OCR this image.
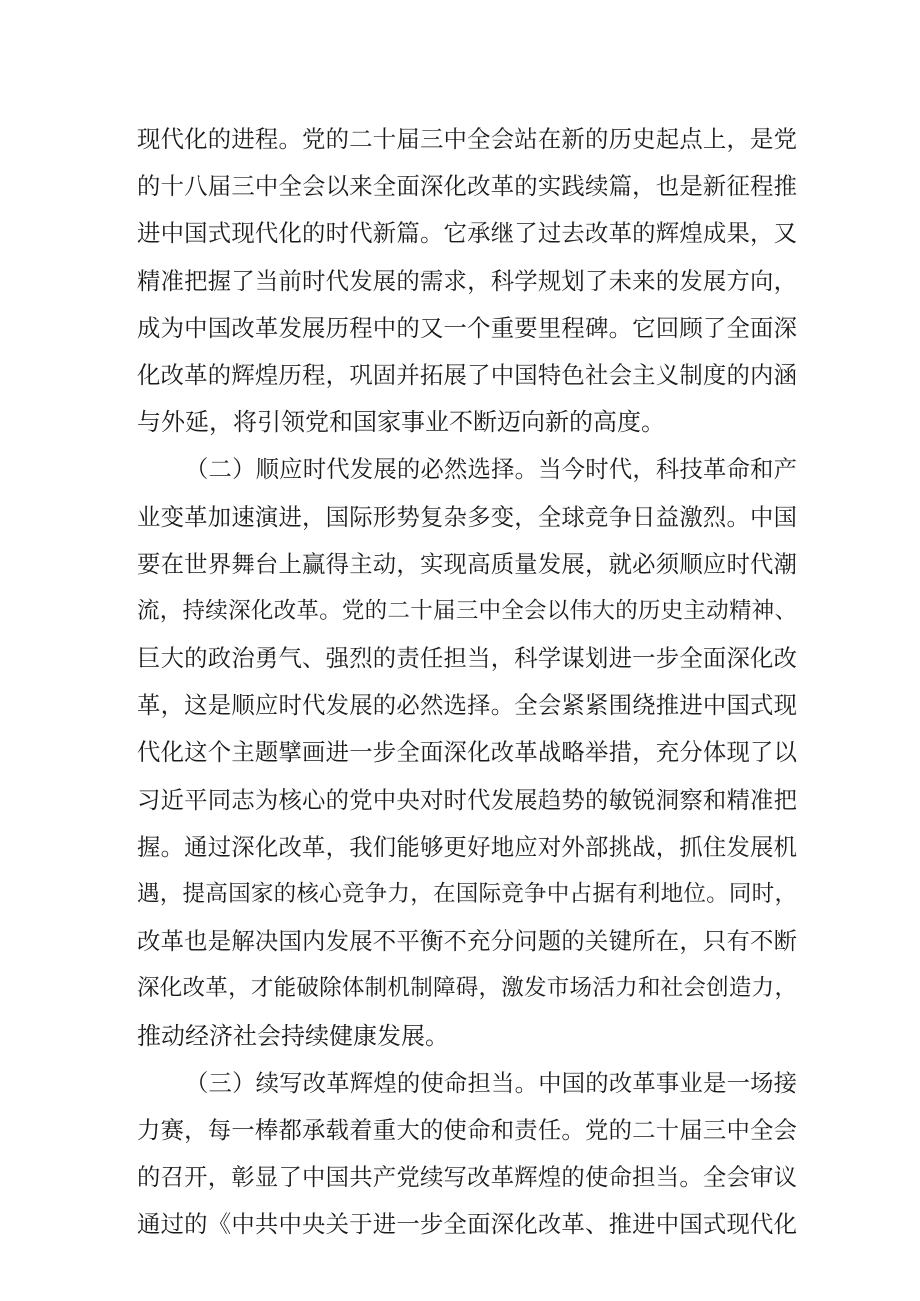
现代化的进程。党的二十届三中全会站在新的历史起点上，是党
的十八届三中全会以来全面深化改革的实践续篇，也是新征程推
进中国式现代化的时代新篇。它承继了过去改革的辉煌成果，又
精准把握了当前时代发展的需求，科学规划了未来的发展方向，
成为中国改革发展历程中的又一个重要里程碑。它回顾了全面深
化改革的辉煌历程，巩固并拓展了中国特色社会主义制度的内涵
与外延，将引领党和国家事业不断迈向新的高度。
（二）顺应时代发展的必然选择。当今时代，科技革命和产
业变革加速演进，国际形势复杂多变，全球竞争日益激烈。中国
要在世界舞台上赢得主动，实现高质量发展，就必须顺应时代潮
流，持续深化改革。党的二十届三中全会以伟大的历史主动精神、
巨大的政治勇气、强烈的责任担当，科学谋划进一步全面深化改
革，这是顺应时代发展的必然选择。全会紧紧围绕推进中国式现
代化这个主题擘画进一步全面深化改革战略举措，充分体现了以
习近平同志为核心的党中央对时代发展趋势的敏锐洞察和精准把
握。通过深化改革，我们能够更好地应对外部挑战，抓住发展机
遇，提高国家的核心竞争力，在国际竞争中占据有利地位。同时，
改革也是解决国内发展不平衡不充分问题的关键所在，只有不断
深化改革，才能破除体制机制障碍，激发市场活力和社会创造力，
推动经济社会持续健康发展。
（三）续写改革辉煌的使命担当。中国的改革事业是一场接
力赛，每一棒都承载着重大的使命和责任。党的二十届三中全会
的召开，彰显了中国共产党续写改革辉煌的使命担当。全会审议
通过的《中共中央关于进一步全面深化改革、推进中国式现代化
